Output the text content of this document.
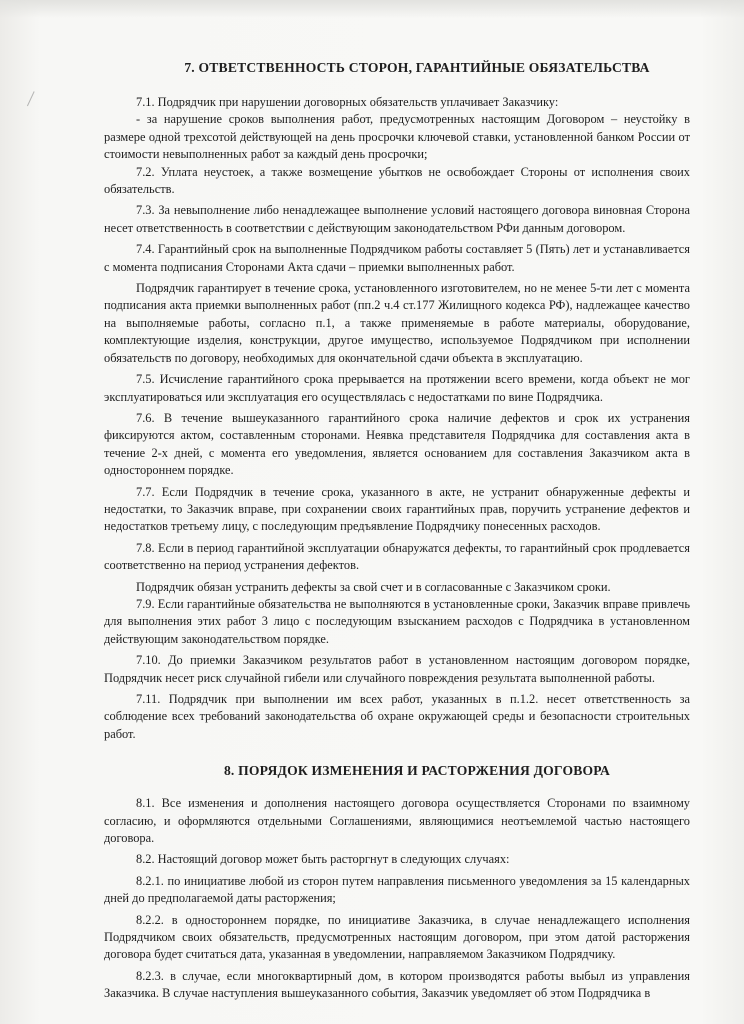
7. ОТВЕТСТВЕННОСТЬ СТОРОН, ГАРАНТИЙНЫЕ ОБЯЗАТЕЛЬСТВА

7.1. Подрядчик при нарушении договорных обязательств уплачивает Заказчику:

- за нарушение сроков выполнения работ, предусмотренных настоящим Договором – неустойку в размере одной трехсотой действующей на день просрочки ключевой ставки, установленной банком России от стоимости невыполненных работ за каждый день просрочки;

7.2. Уплата неустоек, а также возмещение убытков не освобождает Стороны от исполнения своих обязательств.

7.3. За невыполнение либо ненадлежащее выполнение условий настоящего договора виновная Сторона несет ответственность в соответствии с действующим законодательством РФи данным договором.

7.4. Гарантийный срок на выполненные Подрядчиком работы составляет 5 (Пять) лет и устанавливается с момента подписания Сторонами Акта сдачи – приемки выполненных работ.

Подрядчик гарантирует в течение срока, установленного изготовителем, но не менее 5-ти лет с момента подписания акта приемки выполненных работ (пп.2 ч.4 ст.177 Жилищного кодекса РФ), надлежащее качество на выполняемые работы, согласно п.1, а также применяемые в работе материалы, оборудование, комплектующие изделия, конструкции, другое имущество, используемое Подрядчиком при исполнении обязательств по договору, необходимых для окончательной сдачи объекта в эксплуатацию.

7.5. Исчисление гарантийного срока прерывается на протяжении всего времени, когда объект не мог эксплуатироваться или эксплуатация его осуществлялась с недостатками по вине Подрядчика.

7.6. В течение вышеуказанного гарантийного срока наличие дефектов и срок их устранения фиксируются актом, составленным сторонами. Неявка представителя Подрядчика для составления акта в течение 2-х дней, с момента его уведомления, является основанием для составления Заказчиком акта в одностороннем порядке.

7.7. Если Подрядчик в течение срока, указанного в акте, не устранит обнаруженные дефекты и недостатки, то Заказчик вправе, при сохранении своих гарантийных прав, поручить устранение дефектов и недостатков третьему лицу, с последующим предъявление Подрядчику понесенных расходов.

7.8. Если в период гарантийной эксплуатации обнаружатся дефекты, то гарантийный срок продлевается соответственно на период устранения дефектов.

Подрядчик обязан устранить дефекты за свой счет и в согласованные с Заказчиком сроки.

7.9. Если гарантийные обязательства не выполняются в установленные сроки, Заказчик вправе привлечь для выполнения этих работ 3 лицо с последующим взысканием расходов с Подрядчика в установленном действующим законодательством порядке.

7.10. До приемки Заказчиком результатов работ в установленном настоящим договором порядке, Подрядчик несет риск случайной гибели или случайного повреждения результата выполненной работы.

7.11. Подрядчик при выполнении им всех работ, указанных в п.1.2. несет ответственность за соблюдение всех требований законодательства об охране окружающей среды и безопасности строительных работ.

8. ПОРЯДОК ИЗМЕНЕНИЯ И РАСТОРЖЕНИЯ ДОГОВОРА

8.1. Все изменения и дополнения настоящего договора осуществляется Сторонами по взаимному согласию, и оформляются отдельными Соглашениями, являющимися неотъемлемой частью настоящего договора.

8.2. Настоящий договор может быть расторгнут в следующих случаях:

8.2.1. по инициативе любой из сторон путем направления письменного уведомления за 15 календарных дней до предполагаемой даты расторжения;

8.2.2. в одностороннем порядке, по инициативе Заказчика, в случае ненадлежащего исполнения Подрядчиком своих обязательств, предусмотренных настоящим договором, при этом датой расторжения договора будет считаться дата, указанная в уведомлении, направляемом Заказчиком Подрядчику.

8.2.3. в случае, если многоквартирный дом, в котором производятся работы выбыл из управления Заказчика. В случае наступления вышеуказанного события, Заказчик уведомляет об этом Подрядчика в
